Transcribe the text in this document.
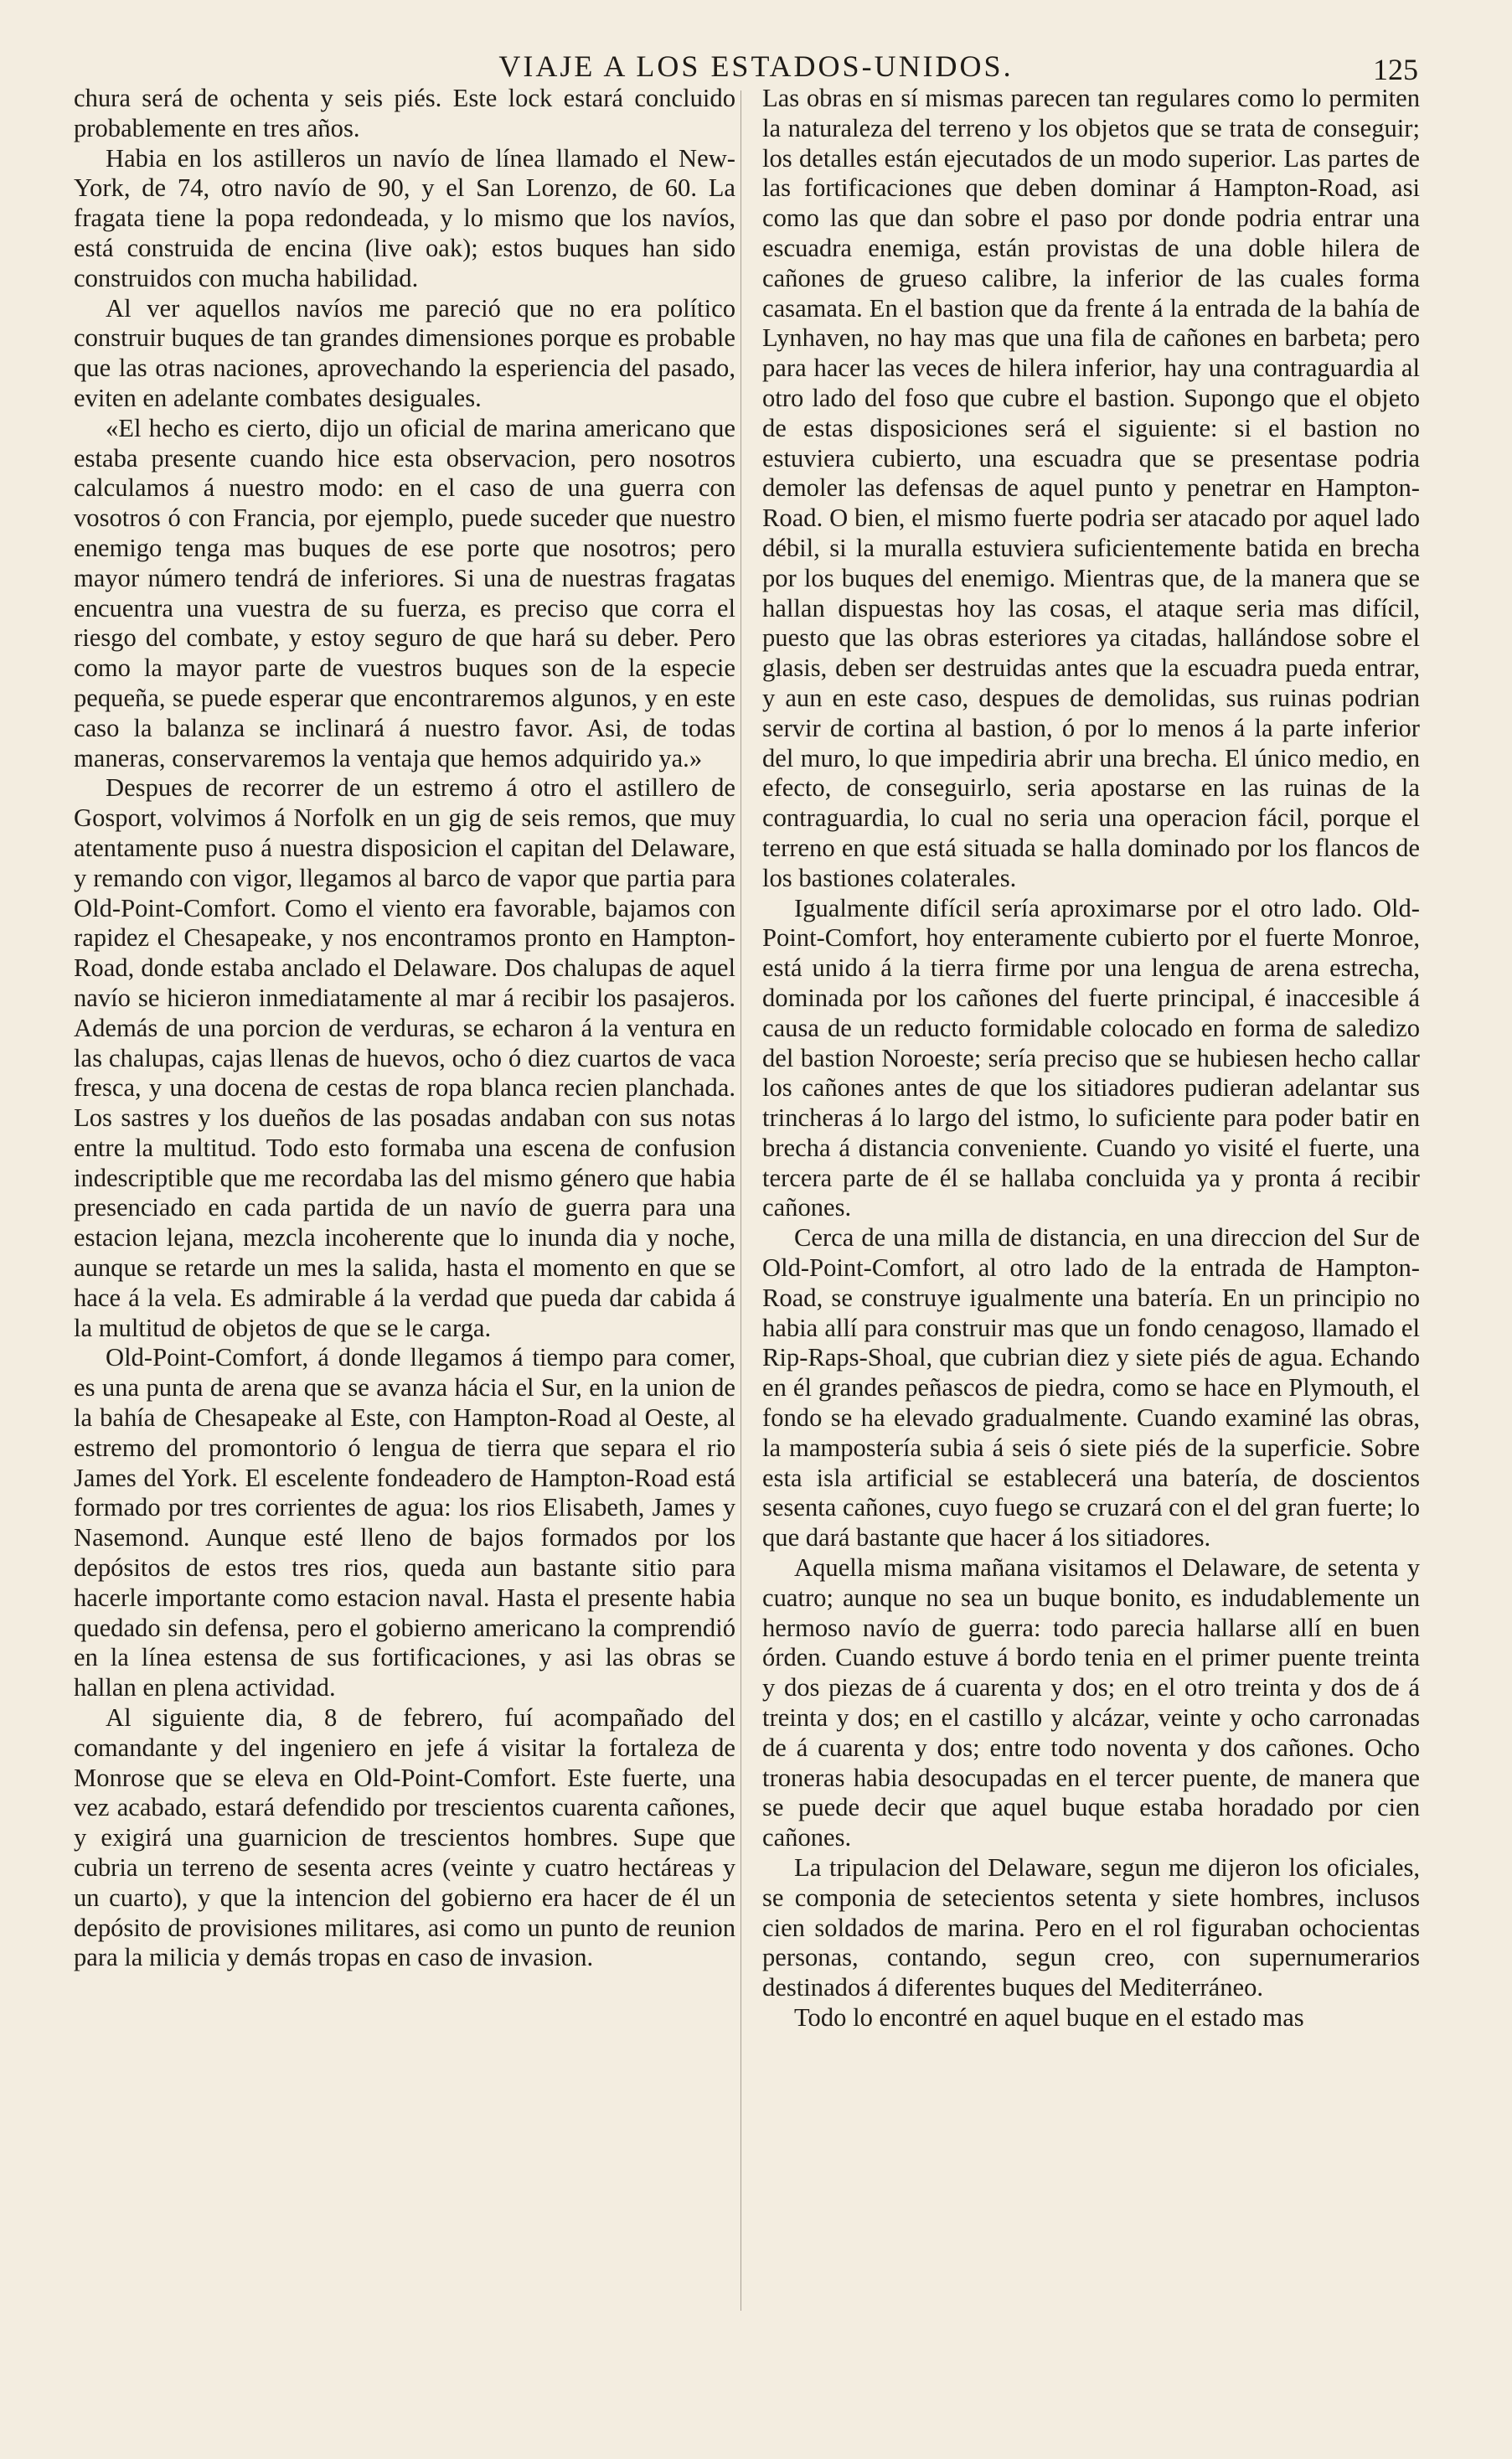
VIAJE A LOS ESTADOS-UNIDOS.	125

chura será de ochenta y seis piés. Este lock estará concluido probablemente en tres años.

Habia en los astilleros un navío de línea llamado el New-York, de 74, otro navío de 90, y el San Lorenzo, de 60. La fragata tiene la popa redondeada, y lo mismo que los navíos, está construida de encina (live oak); estos buques han sido construidos con mucha habilidad.

Al ver aquellos navíos me pareció que no era político construir buques de tan grandes dimensiones porque es probable que las otras naciones, aprovechando la esperiencia del pasado, eviten en adelante combates desiguales.

«El hecho es cierto, dijo un oficial de marina americano que estaba presente cuando hice esta observacion, pero nosotros calculamos á nuestro modo: en el caso de una guerra con vosotros ó con Francia, por ejemplo, puede suceder que nuestro enemigo tenga mas buques de ese porte que nosotros; pero mayor número tendrá de inferiores. Si una de nuestras fragatas encuentra una vuestra de su fuerza, es preciso que corra el riesgo del combate, y estoy seguro de que hará su deber. Pero como la mayor parte de vuestros buques son de la especie pequeña, se puede esperar que encontraremos algunos, y en este caso la balanza se inclinará á nuestro favor. Asi, de todas maneras, conservaremos la ventaja que hemos adquirido ya.»

Despues de recorrer de un estremo á otro el astillero de Gosport, volvimos á Norfolk en un gig de seis remos, que muy atentamente puso á nuestra disposicion el capitan del Delaware, y remando con vigor, llegamos al barco de vapor que partia para Old-Point-Comfort. Como el viento era favorable, bajamos con rapidez el Chesapeake, y nos encontramos pronto en Hampton-Road, donde estaba anclado el Delaware. Dos chalupas de aquel navío se hicieron inmediatamente al mar á recibir los pasajeros. Además de una porcion de verduras, se echaron á la ventura en las chalupas, cajas llenas de huevos, ocho ó diez cuartos de vaca fresca, y una docena de cestas de ropa blanca recien planchada. Los sastres y los dueños de las posadas andaban con sus notas entre la multitud. Todo esto formaba una escena de confusion indescriptible que me recordaba las del mismo género que habia presenciado en cada partida de un navío de guerra para una estacion lejana, mezcla incoherente que lo inunda dia y noche, aunque se retarde un mes la salida, hasta el momento en que se hace á la vela. Es admirable á la verdad que pueda dar cabida á la multitud de objetos de que se le carga.

Old-Point-Comfort, á donde llegamos á tiempo para comer, es una punta de arena que se avanza hácia el Sur, en la union de la bahía de Chesapeake al Este, con Hampton-Road al Oeste, al estremo del promontorio ó lengua de tierra que separa el rio James del York. El escelente fondeadero de Hampton-Road está formado por tres corrientes de agua: los rios Elisabeth, James y Nasemond. Aunque esté lleno de bajos formados por los depósitos de estos tres rios, queda aun bastante sitio para hacerle importante como estacion naval. Hasta el presente habia quedado sin defensa, pero el gobierno americano la comprendió en la línea estensa de sus fortificaciones, y asi las obras se hallan en plena actividad.

Al siguiente dia, 8 de febrero, fuí acompañado del comandante y del ingeniero en jefe á visitar la fortaleza de Monrose que se eleva en Old-Point-Comfort. Este fuerte, una vez acabado, estará defendido por trescientos cuarenta cañones, y exigirá una guarnicion de trescientos hombres. Supe que cubria un terreno de sesenta acres (veinte y cuatro hectáreas y un cuarto), y que la intencion del gobierno era hacer de él un depósito de provisiones militares, asi como un punto de reunion para la milicia y demás tropas en caso de invasion.

Las obras en sí mismas parecen tan regulares como lo permiten la naturaleza del terreno y los objetos que se trata de conseguir; los detalles están ejecutados de un modo superior. Las partes de las fortificaciones que deben dominar á Hampton-Road, asi como las que dan sobre el paso por donde podria entrar una escuadra enemiga, están provistas de una doble hilera de cañones de grueso calibre, la inferior de las cuales forma casamata. En el bastion que da frente á la entrada de la bahía de Lynhaven, no hay mas que una fila de cañones en barbeta; pero para hacer las veces de hilera inferior, hay una contraguardia al otro lado del foso que cubre el bastion. Supongo que el objeto de estas disposiciones será el siguiente: si el bastion no estuviera cubierto, una escuadra que se presentase podria demoler las defensas de aquel punto y penetrar en Hampton-Road. O bien, el mismo fuerte podria ser atacado por aquel lado débil, si la muralla estuviera suficientemente batida en brecha por los buques del enemigo. Mientras que, de la manera que se hallan dispuestas hoy las cosas, el ataque seria mas difícil, puesto que las obras esteriores ya citadas, hallándose sobre el glasis, deben ser destruidas antes que la escuadra pueda entrar, y aun en este caso, despues de demolidas, sus ruinas podrian servir de cortina al bastion, ó por lo menos á la parte inferior del muro, lo que impediria abrir una brecha. El único medio, en efecto, de conseguirlo, seria apostarse en las ruinas de la contraguardia, lo cual no seria una operacion fácil, porque el terreno en que está situada se halla dominado por los flancos de los bastiones colaterales.

Igualmente difícil sería aproximarse por el otro lado. Old-Point-Comfort, hoy enteramente cubierto por el fuerte Monroe, está unido á la tierra firme por una lengua de arena estrecha, dominada por los cañones del fuerte principal, é inaccesible á causa de un reducto formidable colocado en forma de saledizo del bastion Noroeste; sería preciso que se hubiesen hecho callar los cañones antes de que los sitiadores pudieran adelantar sus trincheras á lo largo del istmo, lo suficiente para poder batir en brecha á distancia conveniente. Cuando yo visité el fuerte, una tercera parte de él se hallaba concluida ya y pronta á recibir cañones.

Cerca de una milla de distancia, en una direccion del Sur de Old-Point-Comfort, al otro lado de la entrada de Hampton-Road, se construye igualmente una batería. En un principio no habia allí para construir mas que un fondo cenagoso, llamado el Rip-Raps-Shoal, que cubrian diez y siete piés de agua. Echando en él grandes peñascos de piedra, como se hace en Plymouth, el fondo se ha elevado gradualmente. Cuando examiné las obras, la mampostería subia á seis ó siete piés de la superficie. Sobre esta isla artificial se establecerá una batería, de doscientos sesenta cañones, cuyo fuego se cruzará con el del gran fuerte; lo que dará bastante que hacer á los sitiadores.

Aquella misma mañana visitamos el Delaware, de setenta y cuatro; aunque no sea un buque bonito, es indudablemente un hermoso navío de guerra: todo parecia hallarse allí en buen órden. Cuando estuve á bordo tenia en el primer puente treinta y dos piezas de á cuarenta y dos; en el otro treinta y dos de á treinta y dos; en el castillo y alcázar, veinte y ocho carronadas de á cuarenta y dos; entre todo noventa y dos cañones. Ocho troneras habia desocupadas en el tercer puente, de manera que se puede decir que aquel buque estaba horadado por cien cañones.

La tripulacion del Delaware, segun me dijeron los oficiales, se componia de setecientos setenta y siete hombres, inclusos cien soldados de marina. Pero en el rol figuraban ochocientas personas, contando, segun creo, con supernumerarios destinados á diferentes buques del Mediterráneo.

Todo lo encontré en aquel buque en el estado mas
